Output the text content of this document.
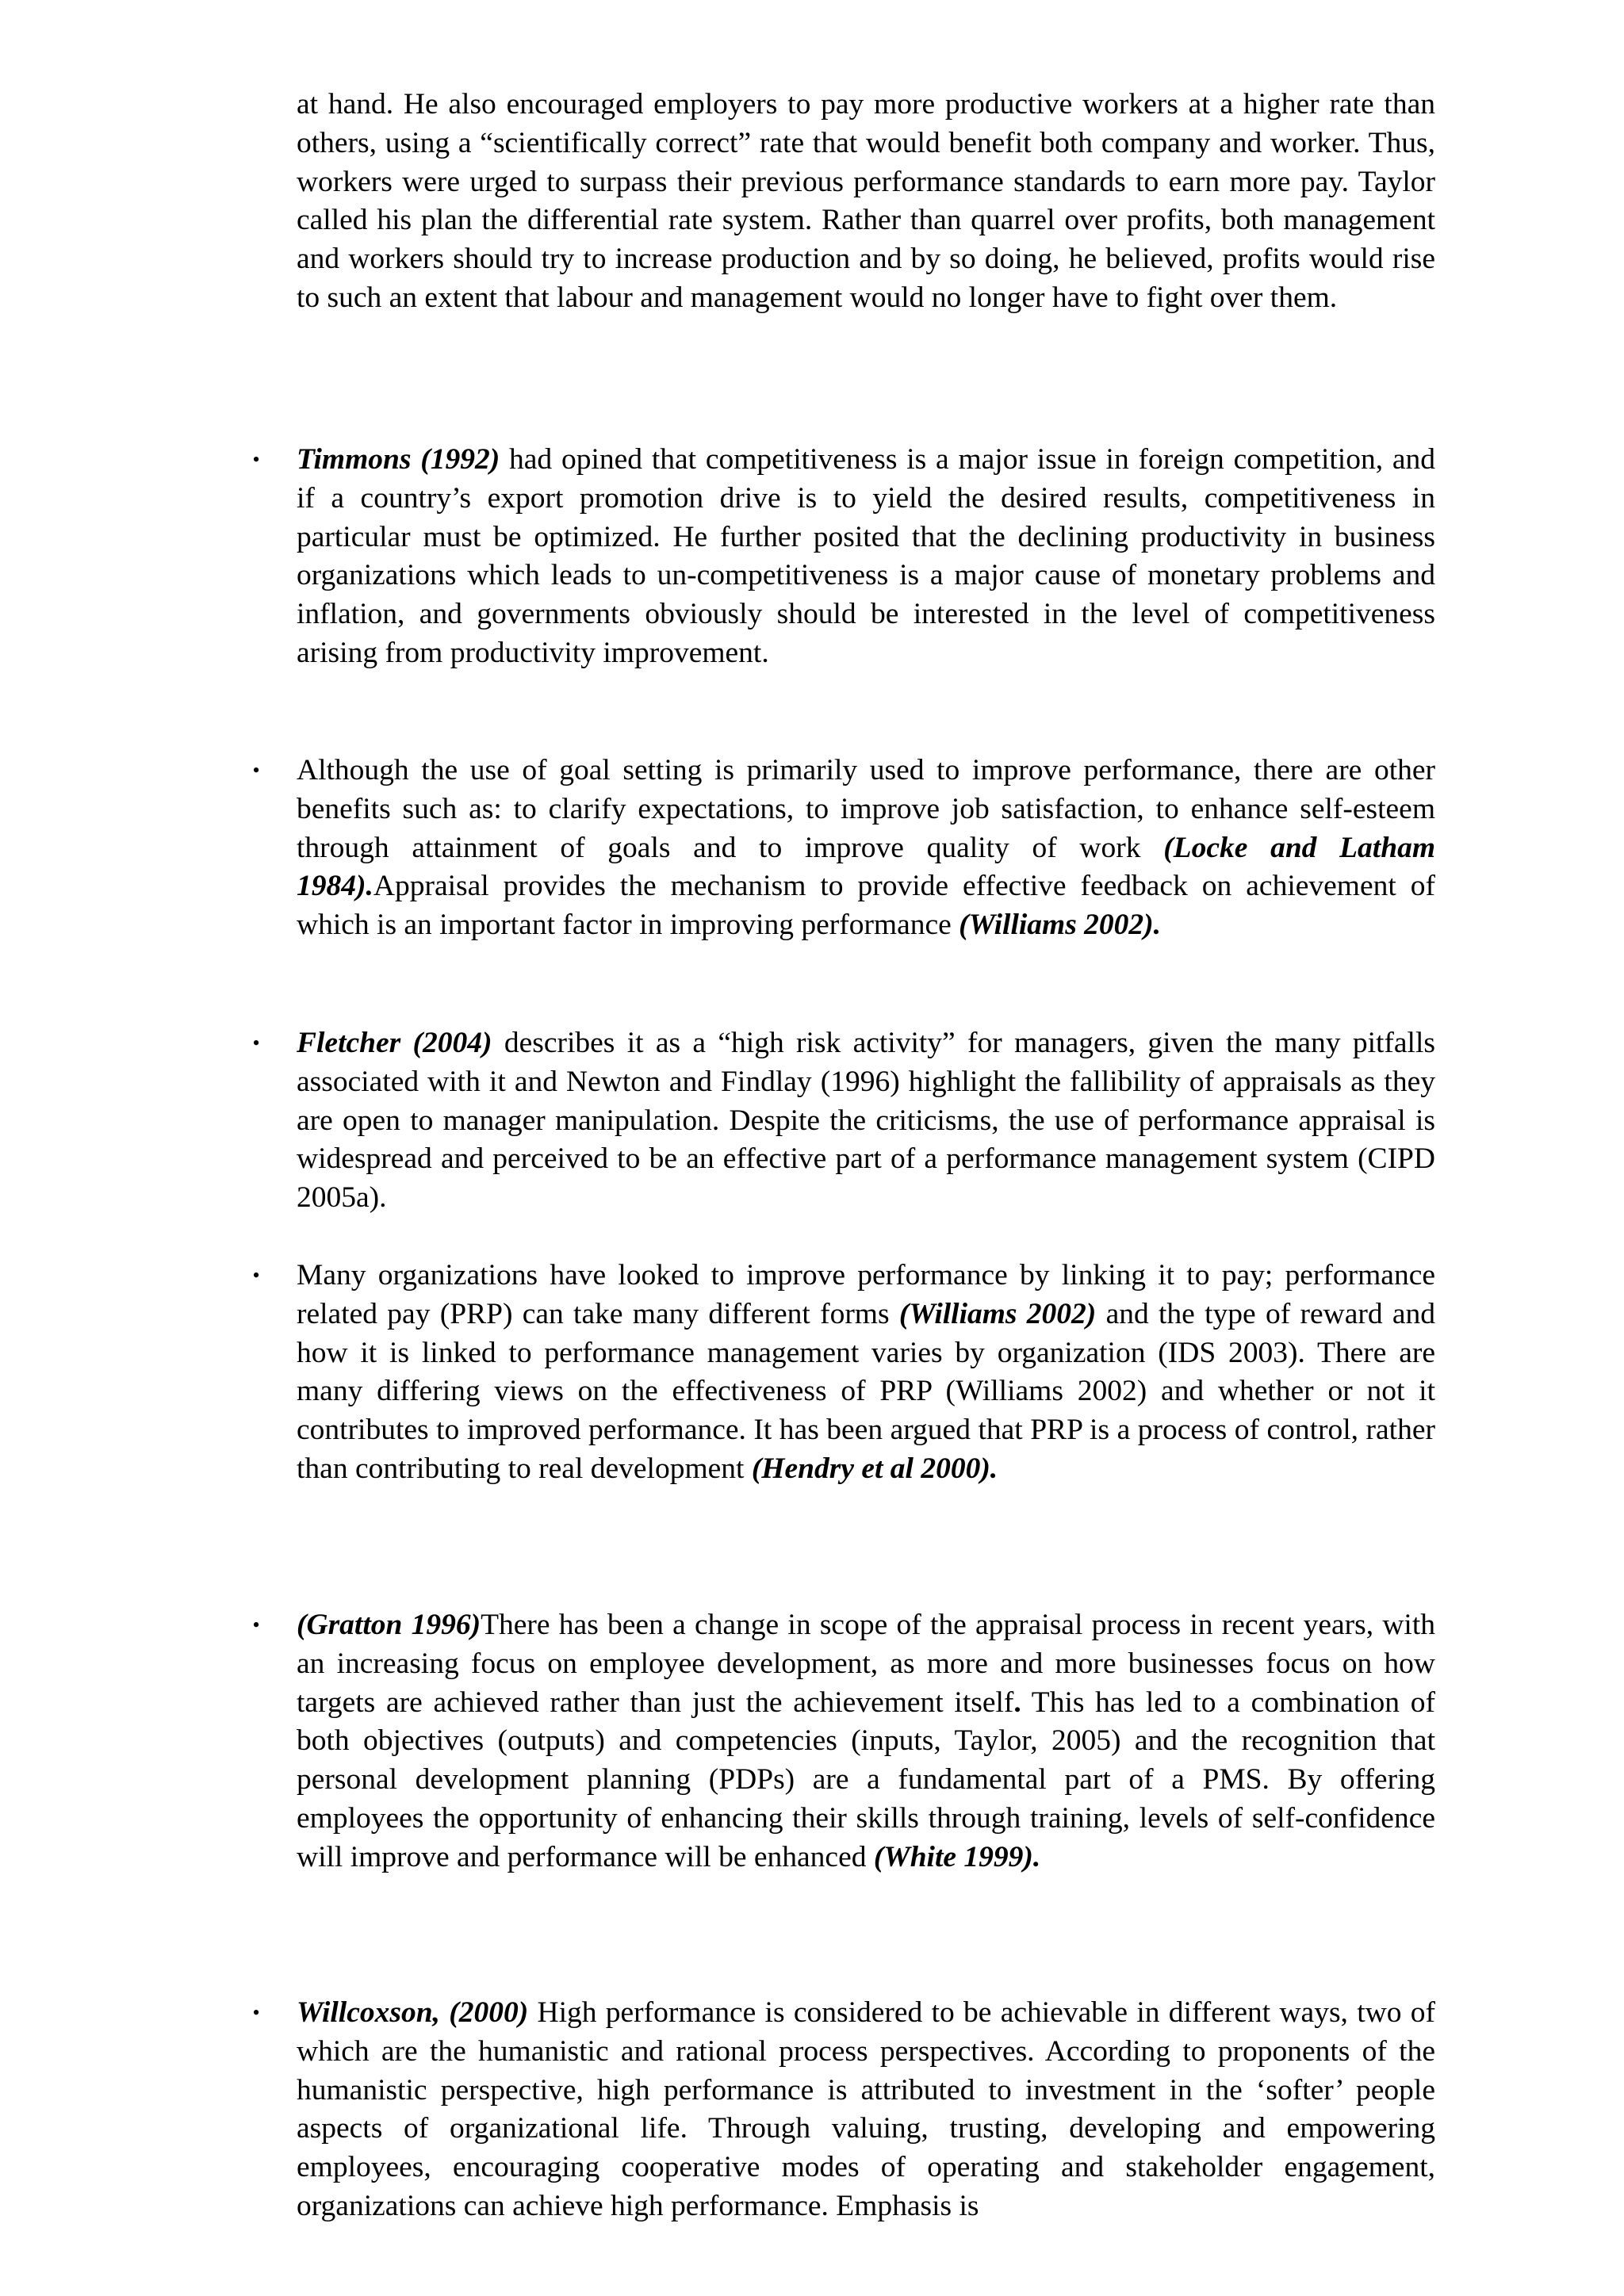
at hand. He also encouraged employers to pay more productive workers at a higher rate than others, using a “scientifically correct” rate that would benefit both company and worker. Thus, workers were urged to surpass their previous performance standards to earn more pay. Taylor called his plan the differential rate system. Rather than quarrel over profits, both management and workers should try to increase production and by so doing, he believed, profits would rise to such an extent that labour and management would no longer have to fight over them.

• Timmons (1992) had opined that competitiveness is a major issue in foreign competition, and if a country’s export promotion drive is to yield the desired results, competitiveness in particular must be optimized. He further posited that the declining productivity in business organizations which leads to un-competitiveness is a major cause of monetary problems and inflation, and governments obviously should be interested in the level of competitiveness arising from productivity improvement.

• Although the use of goal setting is primarily used to improve performance, there are other benefits such as: to clarify expectations, to improve job satisfaction, to enhance self-esteem through attainment of goals and to improve quality of work (Locke and Latham 1984).Appraisal provides the mechanism to provide effective feedback on achievement of which is an important factor in improving performance (Williams 2002).

• Fletcher (2004) describes it as a “high risk activity” for managers, given the many pitfalls associated with it and Newton and Findlay (1996) highlight the fallibility of appraisals as they are open to manager manipulation. Despite the criticisms, the use of performance appraisal is widespread and perceived to be an effective part of a performance management system (CIPD 2005a).

• Many organizations have looked to improve performance by linking it to pay; performance related pay (PRP) can take many different forms (Williams 2002) and the type of reward and how it is linked to performance management varies by organization (IDS 2003). There are many differing views on the effectiveness of PRP (Williams 2002) and whether or not it contributes to improved performance. It has been argued that PRP is a process of control, rather than contributing to real development (Hendry et al 2000).

• (Gratton 1996)There has been a change in scope of the appraisal process in recent years, with an increasing focus on employee development, as more and more businesses focus on how targets are achieved rather than just the achievement itself. This has led to a combination of both objectives (outputs) and competencies (inputs, Taylor, 2005) and the recognition that personal development planning (PDPs) are a fundamental part of a PMS. By offering employees the opportunity of enhancing their skills through training, levels of self-confidence will improve and performance will be enhanced (White 1999).

• Willcoxson, (2000) High performance is considered to be achievable in different ways, two of which are the humanistic and rational process perspectives. According to proponents of the humanistic perspective, high performance is attributed to investment in the ‘softer’ people aspects of organizational life. Through valuing, trusting, developing and empowering employees, encouraging cooperative modes of operating and stakeholder engagement, organizations can achieve high performance. Emphasis is
